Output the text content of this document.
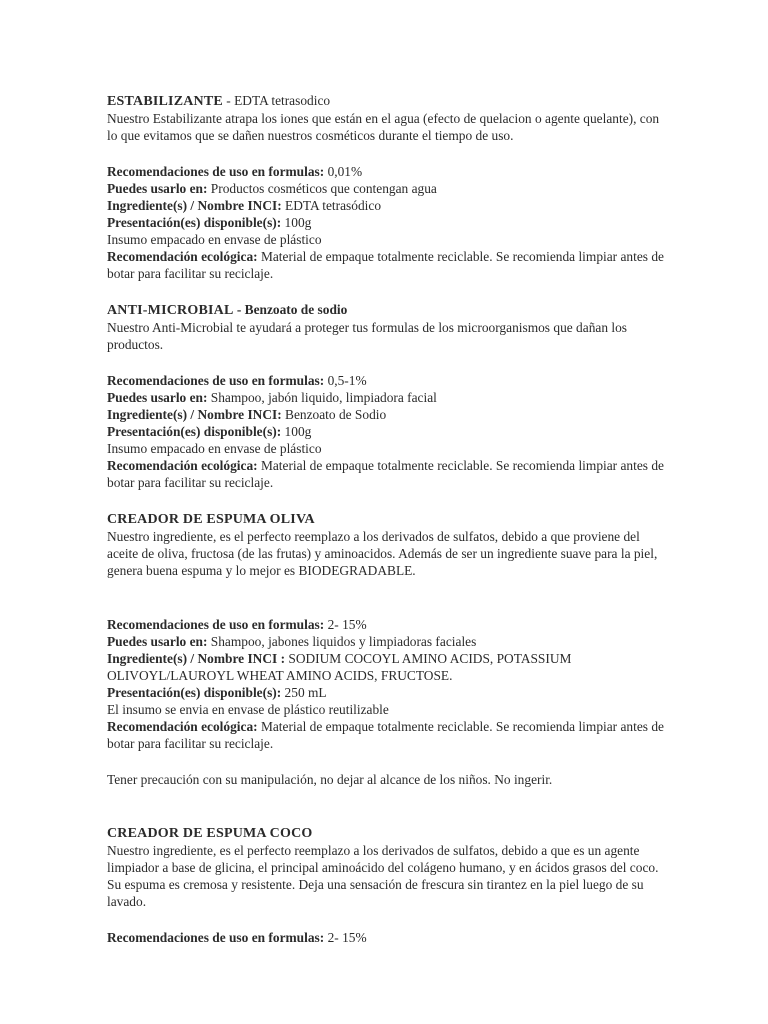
ESTABILIZANTE - EDTA tetrasodico

Nuestro Estabilizante atrapa los iones que están en el agua (efecto de quelacion o agente quelante), con lo que evitamos que se dañen nuestros cosméticos durante el tiempo de uso.

Recomendaciones de uso en formulas: 0,01%

Puedes usarlo en: Productos cosméticos que contengan agua

Ingrediente(s) / Nombre INCI: EDTA tetrasódico

Presentación(es) disponible(s): 100g

Insumo empacado en envase de plástico

Recomendación ecológica: Material de empaque totalmente reciclable. Se recomienda limpiar antes de botar para facilitar su reciclaje.

ANTI-MICROBIAL - Benzoato de sodio

Nuestro Anti-Microbial te ayudará a proteger tus formulas de los microorganismos que dañan los productos.

Recomendaciones de uso en formulas: 0,5-1%

Puedes usarlo en: Shampoo, jabón liquido, limpiadora facial

Ingrediente(s) / Nombre INCI: Benzoato de Sodio

Presentación(es) disponible(s): 100g

Insumo empacado en envase de plástico

Recomendación ecológica: Material de empaque totalmente reciclable. Se recomienda limpiar antes de botar para facilitar su reciclaje.

CREADOR DE ESPUMA OLIVA

Nuestro ingrediente, es el perfecto reemplazo a los derivados de sulfatos, debido a que proviene del aceite de oliva, fructosa (de las frutas) y aminoacidos. Además de ser un ingrediente suave para la piel, genera buena espuma y lo mejor es BIODEGRADABLE.

Recomendaciones de uso en formulas: 2- 15%

Puedes usarlo en: Shampoo, jabones liquidos y limpiadoras faciales

Ingrediente(s) / Nombre INCI : SODIUM COCOYL AMINO ACIDS, POTASSIUM OLIVOYL/LAUROYL WHEAT AMINO ACIDS, FRUCTOSE.

Presentación(es) disponible(s): 250 mL

El insumo se envia en envase de plástico reutilizable

Recomendación ecológica: Material de empaque totalmente reciclable. Se recomienda limpiar antes de botar para facilitar su reciclaje.

Tener precaución con su manipulación, no dejar al alcance de los niños. No ingerir.

CREADOR DE ESPUMA COCO

Nuestro ingrediente, es el perfecto reemplazo a los derivados de sulfatos, debido a que es un agente limpiador a base de glicina, el principal aminoácido del colágeno humano, y en ácidos grasos del coco. Su espuma es cremosa y resistente. Deja una sensación de frescura sin tirantez en la piel luego de su lavado.

Recomendaciones de uso en formulas: 2- 15%
